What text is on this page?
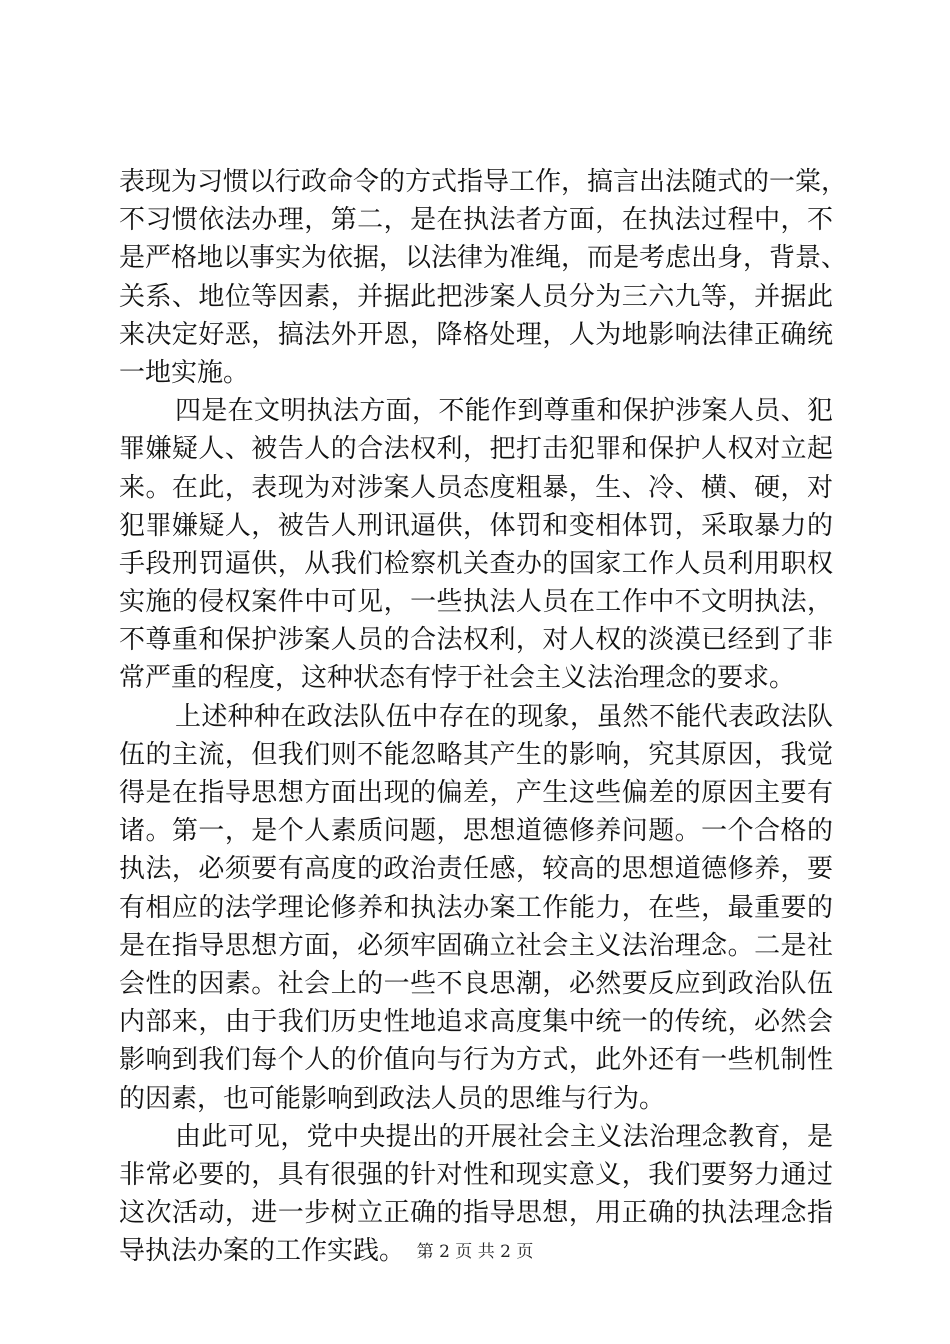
表现为习惯以行政命令的方式指导工作，搞言出法随式的一棠，
不习惯依法办理，第二，是在执法者方面，在执法过程中，不
是严格地以事实为依据，以法律为准绳，而是考虑出身，背景、
关系、地位等因素，并据此把涉案人员分为三六九等，并据此
来决定好恶，搞法外开恩，降格处理，人为地影响法律正确统
一地实施。
四是在文明执法方面，不能作到尊重和保护涉案人员、犯
罪嫌疑人、被告人的合法权利，把打击犯罪和保护人权对立起
来。在此，表现为对涉案人员态度粗暴，生、冷、横、硬，对
犯罪嫌疑人，被告人刑讯逼供，体罚和变相体罚，采取暴力的
手段刑罚逼供，从我们检察机关查办的国家工作人员利用职权
实施的侵权案件中可见，一些执法人员在工作中不文明执法，
不尊重和保护涉案人员的合法权利，对人权的淡漠已经到了非
常严重的程度，这种状态有悖于社会主义法治理念的要求。
上述种种在政法队伍中存在的现象，虽然不能代表政法队
伍的主流，但我们则不能忽略其产生的影响，究其原因，我觉
得是在指导思想方面出现的偏差，产生这些偏差的原因主要有
诸。第一，是个人素质问题，思想道德修养问题。一个合格的
执法，必须要有高度的政治责任感，较高的思想道德修养，要
有相应的法学理论修养和执法办案工作能力，在些，最重要的
是在指导思想方面，必须牢固确立社会主义法治理念。二是社
会性的因素。社会上的一些不良思潮，必然要反应到政治队伍
内部来，由于我们历史性地追求高度集中统一的传统，必然会
影响到我们每个人的价值向与行为方式，此外还有一些机制性
的因素，也可能影响到政法人员的思维与行为。
由此可见，党中央提出的开展社会主义法治理念教育，是
非常必要的，具有很强的针对性和现实意义，我们要努力通过
这次活动，进一步树立正确的指导思想，用正确的执法理念指
导执法办案的工作实践。 第 2 页 共 2 页
